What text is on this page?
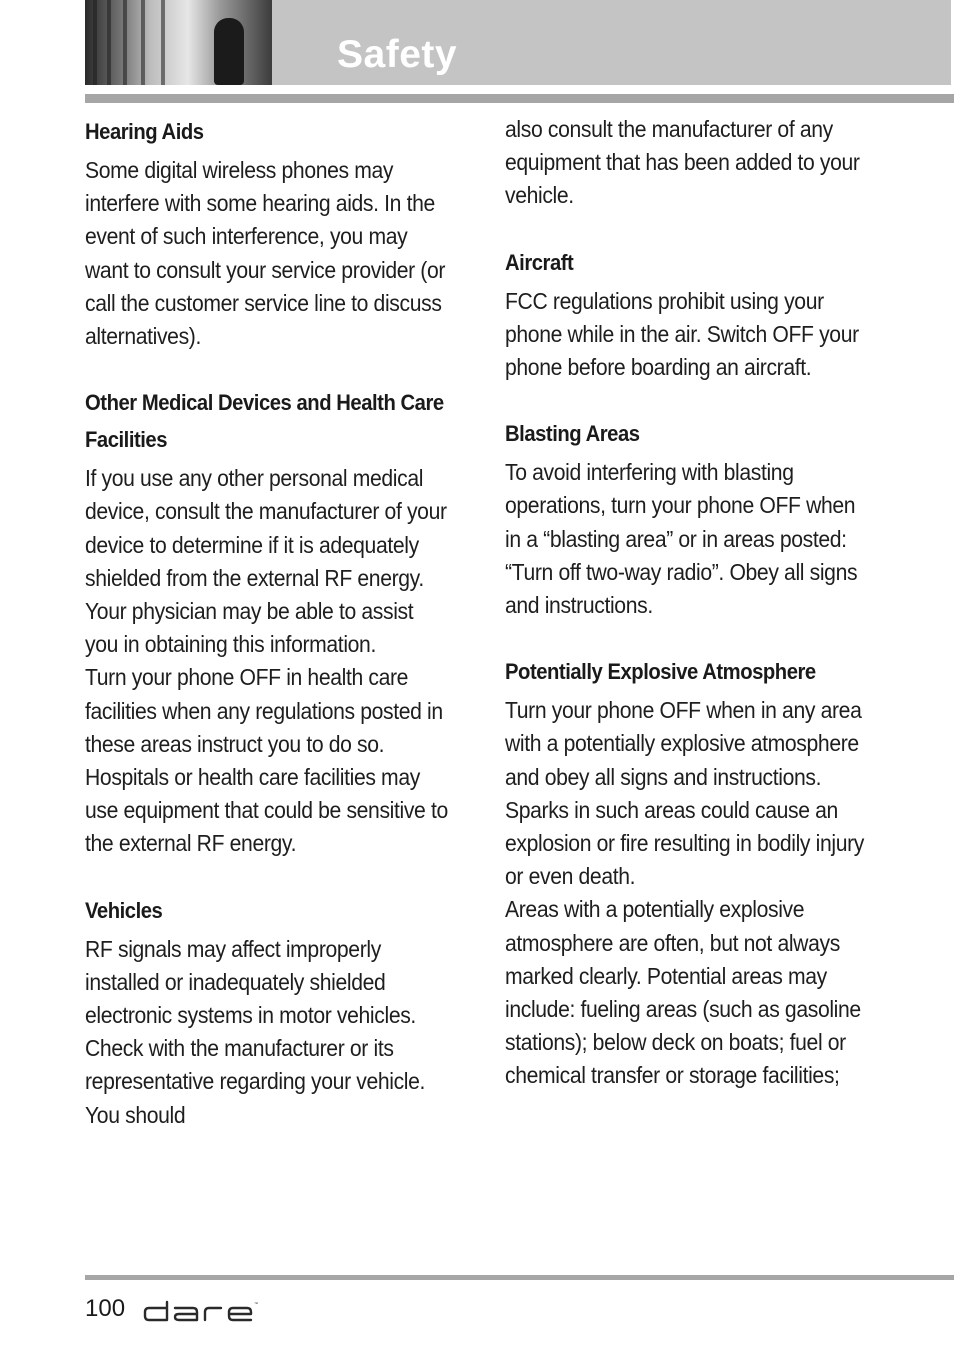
Safety
Hearing Aids

Some digital wireless phones may interfere with some hearing aids. In the event of such interference, you may want to consult your service provider (or call the customer service line to discuss alternatives).

Other Medical Devices and Health Care Facilities

If you use any other personal medical device, consult the manufacturer of your device to determine if it is adequately shielded from the external RF energy. Your physician may be able to assist you in obtaining this information.

Turn your phone OFF in health care facilities when any regulations posted in these areas instruct you to do so. Hospitals or health care facilities may use equipment that could be sensitive to the external RF energy.

Vehicles

RF signals may affect improperly installed or inadequately shielded electronic systems in motor vehicles. Check with the manufacturer or its representative regarding your vehicle. You should

also consult the manufacturer of any equipment that has been added to your vehicle.

Aircraft

FCC regulations prohibit using your phone while in the air. Switch OFF your phone before boarding an aircraft.

Blasting Areas

To avoid interfering with blasting operations, turn your phone OFF when in a “blasting area” or in areas posted: “Turn off two-way radio”. Obey all signs and instructions.

Potentially Explosive Atmosphere

Turn your phone OFF when in any area with a potentially explosive atmosphere and obey all signs and instructions. Sparks in such areas could cause an explosion or fire resulting in bodily injury or even death.

Areas with a potentially explosive atmosphere are often, but not always marked clearly. Potential areas may include: fueling areas (such as gasoline stations); below deck on boats; fuel or chemical transfer or storage facilities;

100	™
